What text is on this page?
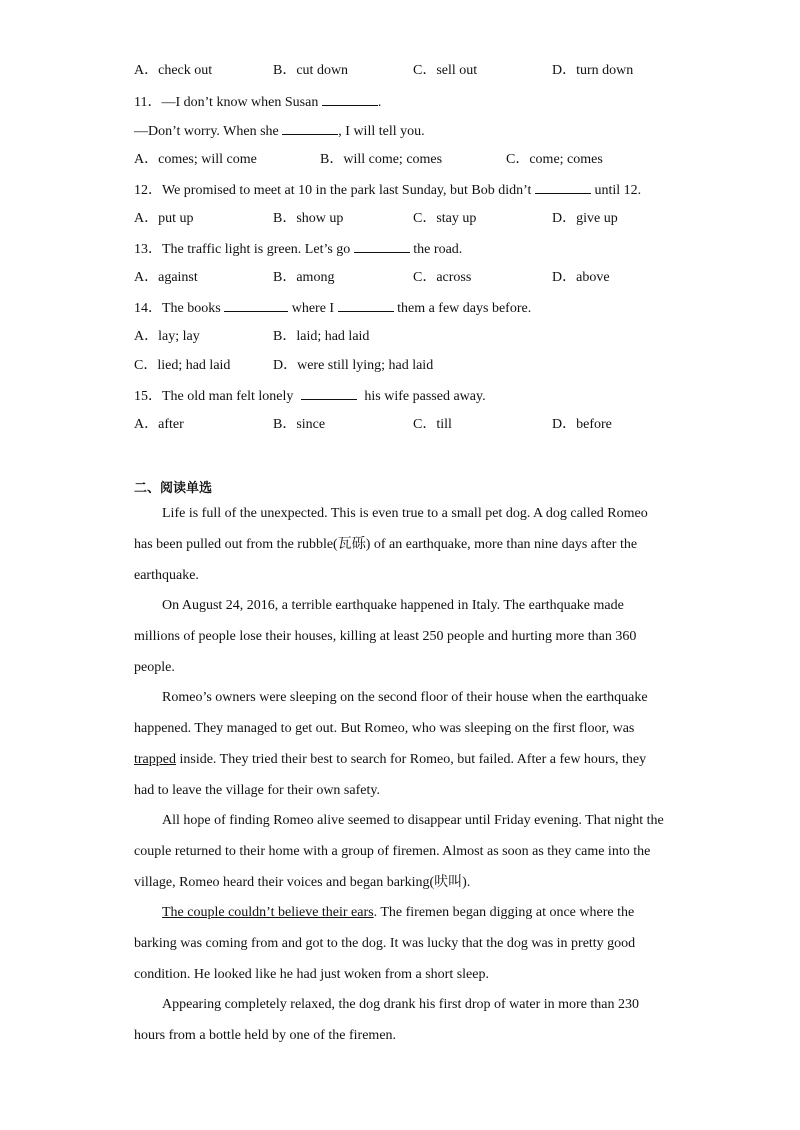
A．check out	B．cut down	C．sell out	D．turn down
11．—I don’t know when Susan	.
—Don’t worry. When she	, I will tell you.
A．comes; will come	B．will come; comes	C．come; comes
12．We promised to meet at 10 in the park last Sunday, but Bob didn’t	until 12.
A．put up	B．show up	C．stay up	D．give up
13．The traffic light is green. Let’s go	the road.
A．against	B．among	C．across	D．above
14．The books	where I	them a few days before.
A．lay; lay	B．laid; had laid
C．lied; had laid	D．were still lying; had laid
15．The old man felt lonely	his wife passed away.
A．after	B．since	C．till	D．before
二、阅读单选
Life is full of the unexpected. This is even true to a small pet dog. A dog called Romeo has been pulled out from the rubble(瓦砾) of an earthquake, more than nine days after the earthquake.
On August 24, 2016, a terrible earthquake happened in Italy. The earthquake made millions of people lose their houses, killing at least 250 people and hurting more than 360 people.
Romeo’s owners were sleeping on the second floor of their house when the earthquake happened. They managed to get out. But Romeo, who was sleeping on the first floor, was trapped inside. They tried their best to search for Romeo, but failed. After a few hours, they had to leave the village for their own safety.
All hope of finding Romeo alive seemed to disappear until Friday evening. That night the couple returned to their home with a group of firemen. Almost as soon as they came into the village, Romeo heard their voices and began barking(吠叫).
The couple couldn’t believe their ears. The firemen began digging at once where the barking was coming from and got to the dog. It was lucky that the dog was in pretty good condition. He looked like he had just woken from a short sleep.
Appearing completely relaxed, the dog drank his first drop of water in more than 230 hours from a bottle held by one of the firemen.
